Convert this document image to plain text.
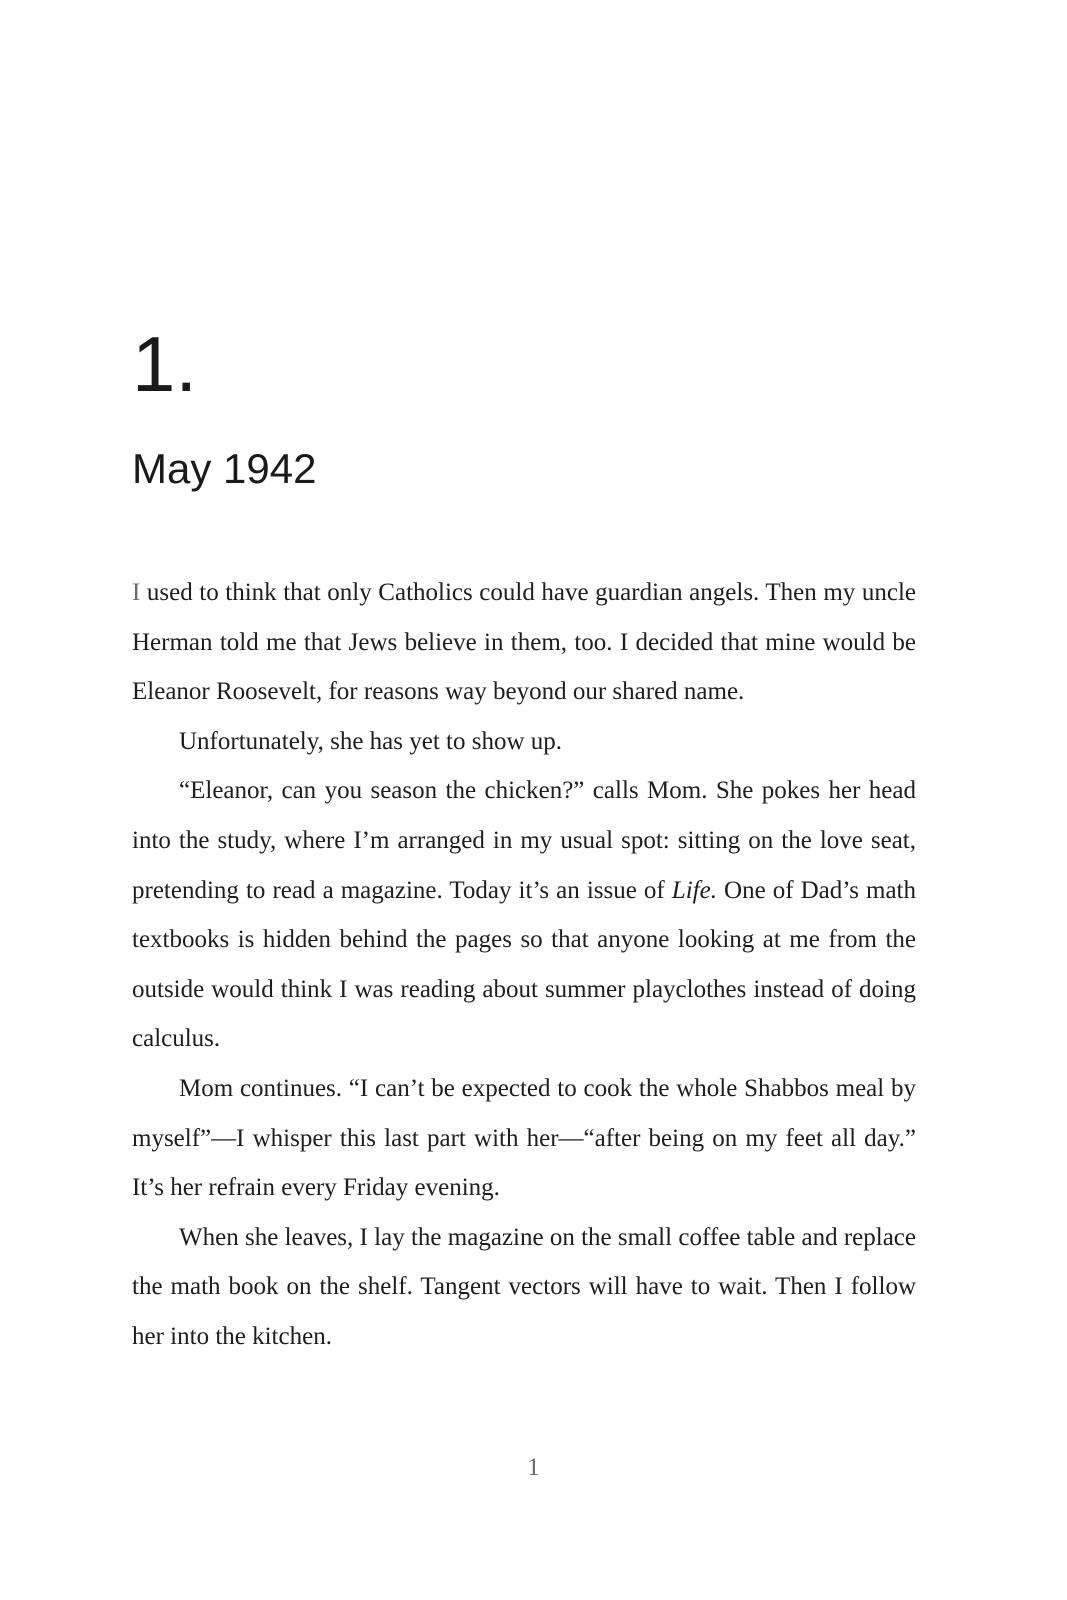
1.
May 1942

I used to think that only Catholics could have guardian angels. Then my uncle Herman told me that Jews believe in them, too. I decided that mine would be Eleanor Roosevelt, for reasons way beyond our shared name.

Unfortunately, she has yet to show up.

“Eleanor, can you season the chicken?” calls Mom. She pokes her head into the study, where I’m arranged in my usual spot: sitting on the love seat, pretending to read a magazine. Today it’s an issue of Life. One of Dad’s math textbooks is hidden behind the pages so that anyone looking at me from the outside would think I was reading about summer playclothes instead of doing calculus.

Mom continues. “I can’t be expected to cook the whole Shabbos meal by myself”—I whisper this last part with her—“after being on my feet all day.” It’s her refrain every Friday evening.

When she leaves, I lay the magazine on the small coffee table and replace the math book on the shelf. Tangent vectors will have to wait. Then I follow her into the kitchen.

1
